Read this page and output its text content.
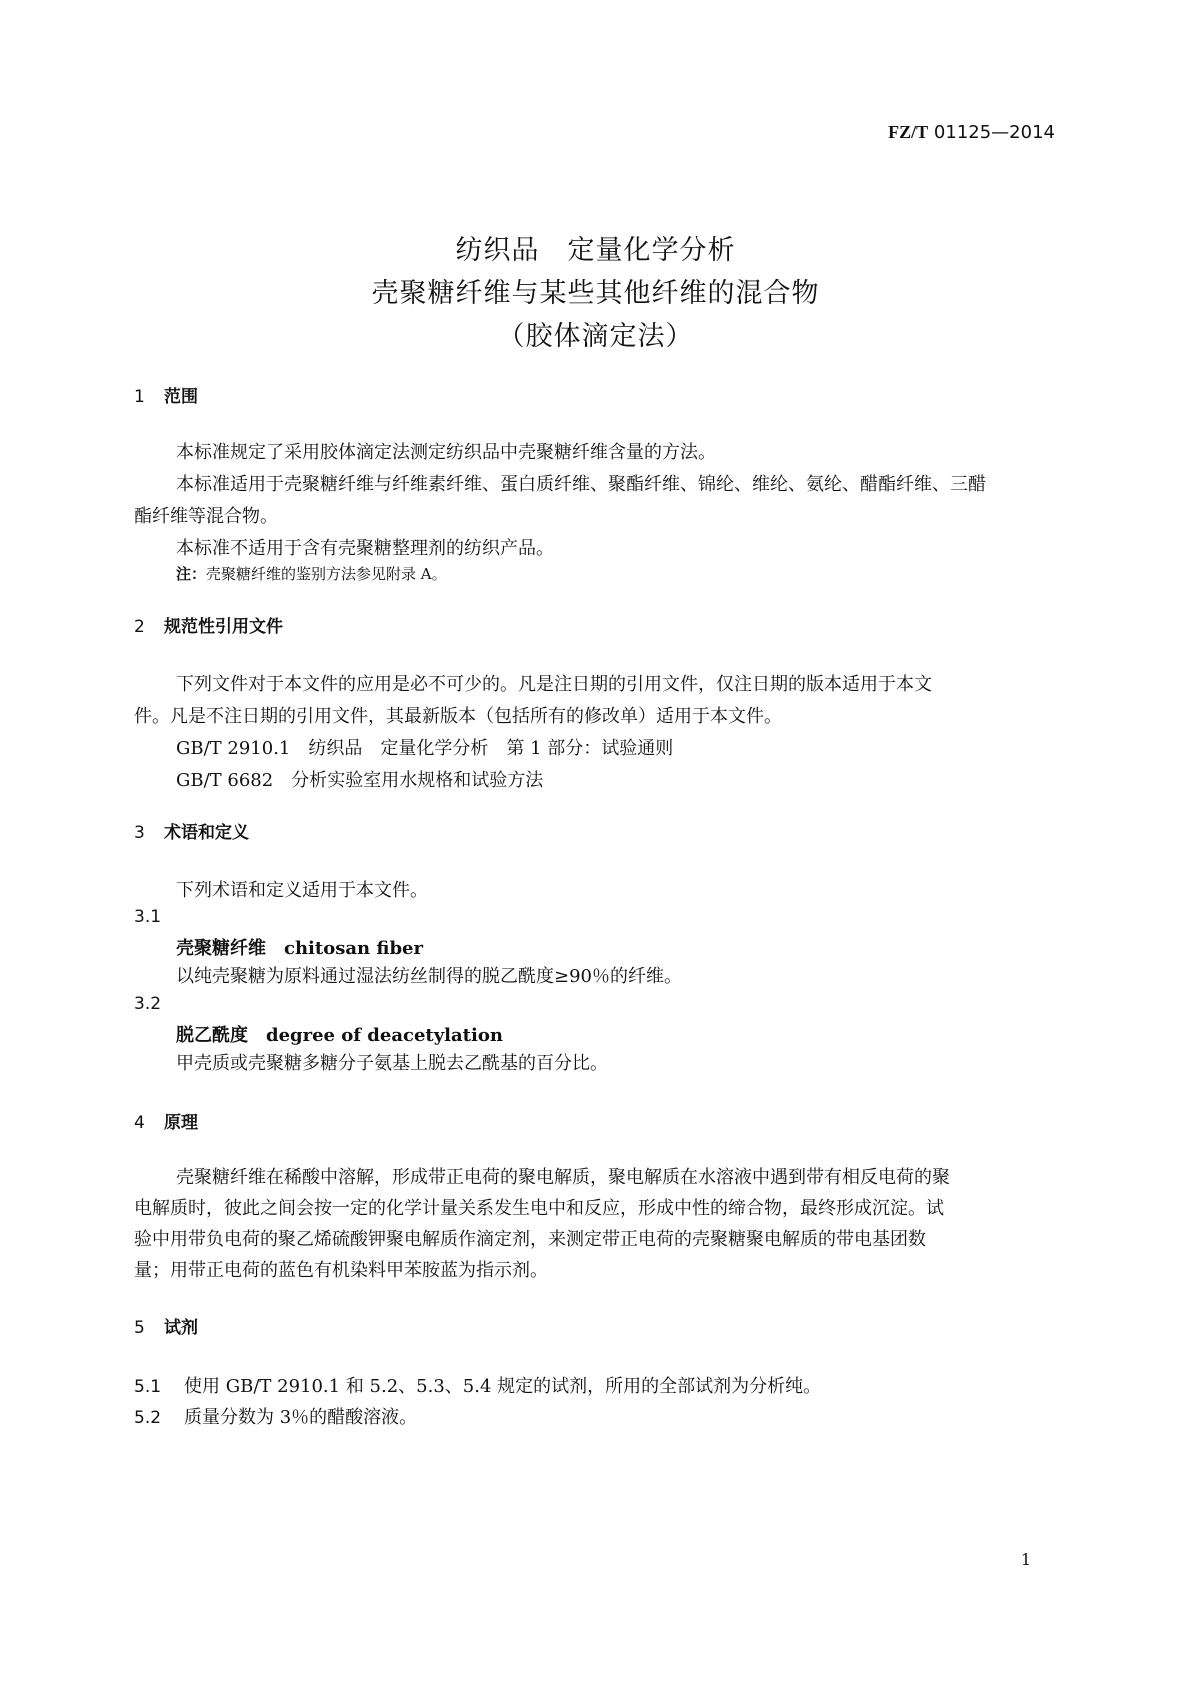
FZ/T 01125—2014
纺织品　定量化学分析
壳聚糖纤维与某些其他纤维的混合物
（胶体滴定法）
1 范围
本标准规定了采用胶体滴定法测定纺织品中壳聚糖纤维含量的方法。
本标准适用于壳聚糖纤维与纤维素纤维、蛋白质纤维、聚酯纤维、锦纶、维纶、氨纶、醋酯纤维、三醋
酯纤维等混合物。
本标准不适用于含有壳聚糖整理剂的纺织产品。
注：壳聚糖纤维的鉴别方法参见附录 A。
2 规范性引用文件
下列文件对于本文件的应用是必不可少的。凡是注日期的引用文件，仅注日期的版本适用于本文
件。凡是不注日期的引用文件，其最新版本（包括所有的修改单）适用于本文件。
GB/T 2910.1　纺织品　定量化学分析　第 1 部分：试验通则
GB/T 6682　分析实验室用水规格和试验方法
3 术语和定义
下列术语和定义适用于本文件。
3.1
壳聚糖纤维　chitosan fiber
以纯壳聚糖为原料通过湿法纺丝制得的脱乙酰度≥90％的纤维。
3.2
脱乙酰度　degree of deacetylation
甲壳质或壳聚糖多糖分子氨基上脱去乙酰基的百分比。
4 原理
壳聚糖纤维在稀酸中溶解，形成带正电荷的聚电解质，聚电解质在水溶液中遇到带有相反电荷的聚
电解质时，彼此之间会按一定的化学计量关系发生电中和反应，形成中性的缔合物，最终形成沉淀。试
验中用带负电荷的聚乙烯硫酸钾聚电解质作滴定剂，来测定带正电荷的壳聚糖聚电解质的带电基团数
量；用带正电荷的蓝色有机染料甲苯胺蓝为指示剂。
5 试剂
5.1 使用 GB/T 2910.1 和 5.2、5.3、5.4 规定的试剂，所用的全部试剂为分析纯。
5.2 质量分数为 3％的醋酸溶液。
1
